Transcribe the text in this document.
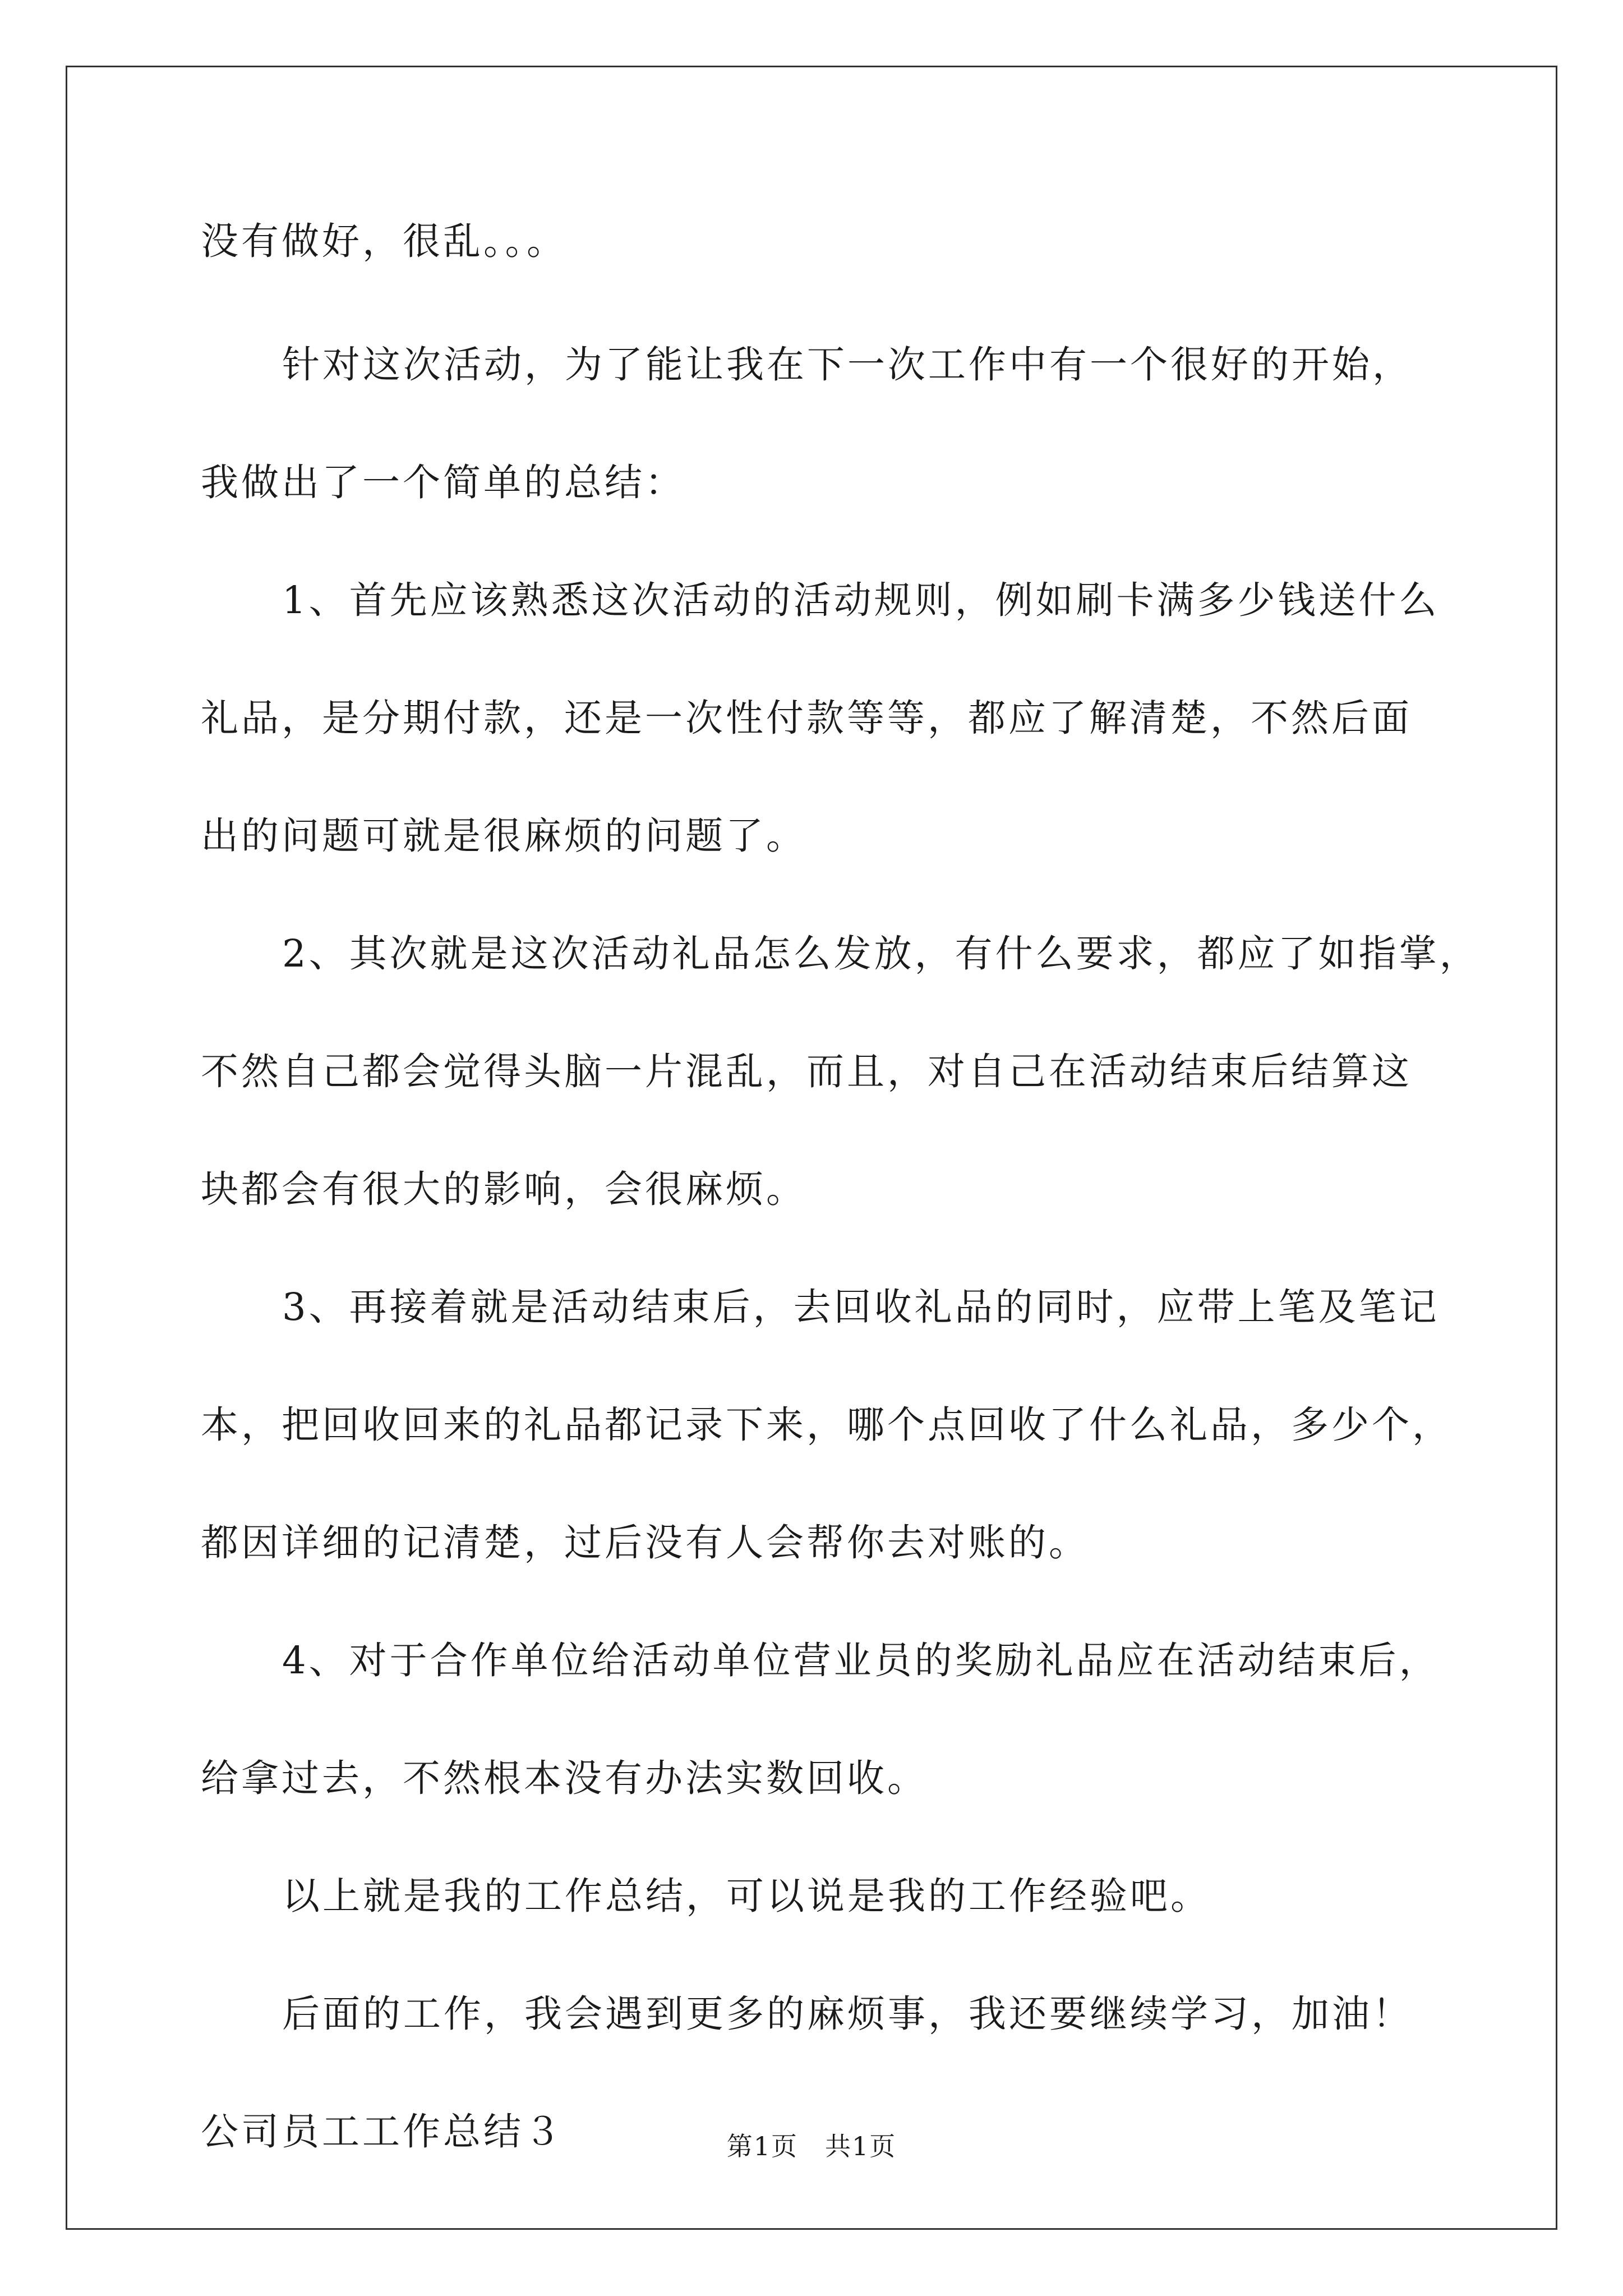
没有做好，很乱。。。
针对这次活动，为了能让我在下一次工作中有一个很好的开始，
我做出了一个简单的总结：
1、首先应该熟悉这次活动的活动规则，例如刷卡满多少钱送什么
礼品，是分期付款，还是一次性付款等等，都应了解清楚，不然后面
出的问题可就是很麻烦的问题了。
2、其次就是这次活动礼品怎么发放，有什么要求，都应了如指掌，
不然自己都会觉得头脑一片混乱，而且，对自己在活动结束后结算这
块都会有很大的影响，会很麻烦。
3、再接着就是活动结束后，去回收礼品的同时，应带上笔及笔记
本，把回收回来的礼品都记录下来，哪个点回收了什么礼品，多少个，
都因详细的记清楚，过后没有人会帮你去对账的。
4、对于合作单位给活动单位营业员的奖励礼品应在活动结束后，
给拿过去，不然根本没有办法实数回收。
以上就是我的工作总结，可以说是我的工作经验吧。
后面的工作，我会遇到更多的麻烦事，我还要继续学习，加油！
公司员工工作总结３	第1页　共1页
